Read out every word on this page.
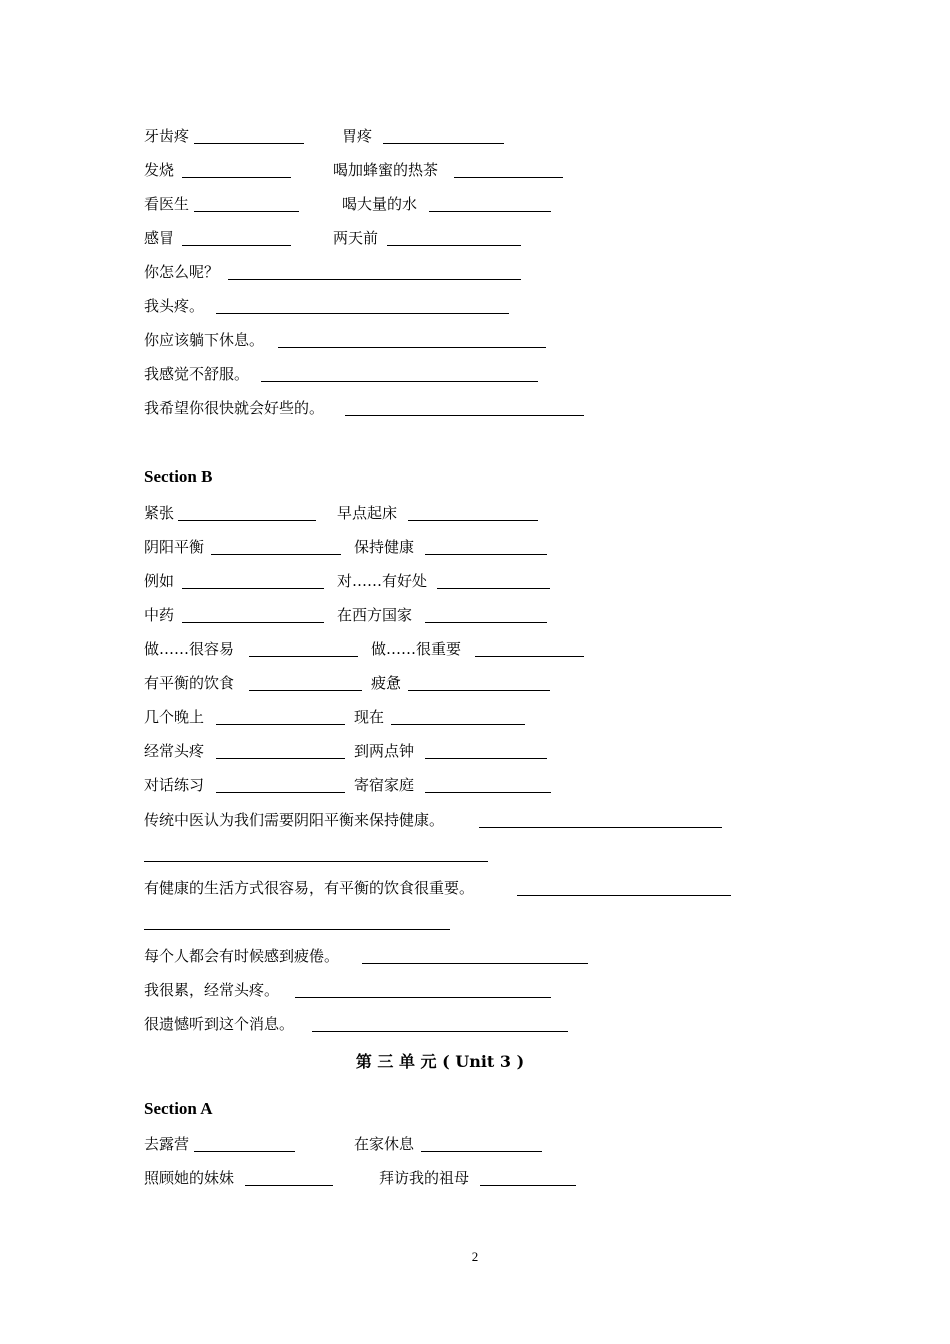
牙齿疼	胃疼
发烧	喝加蜂蜜的热茶
看医生	喝大量的水
感冒	两天前
你怎么呢？
我头疼。
你应该躺下休息。
我感觉不舒服。
我希望你很快就会好些的。
Section B
紧张	早点起床
阴阳平衡	保持健康
例如	对……有好处
中药	在西方国家
做……很容易	做……很重要
有平衡的饮食	疲惫
几个晚上	现在
经常头疼	到两点钟
对话练习	寄宿家庭
传统中医认为我们需要阴阳平衡来保持健康。
有健康的生活方式很容易，有平衡的饮食很重要。
每个人都会有时候感到疲倦。
我很累，经常头疼。
很遗憾听到这个消息。
第 三 单 元 ( Unit 3 )
Section A
去露营	在家休息
照顾她的妹妹	拜访我的祖母
2
